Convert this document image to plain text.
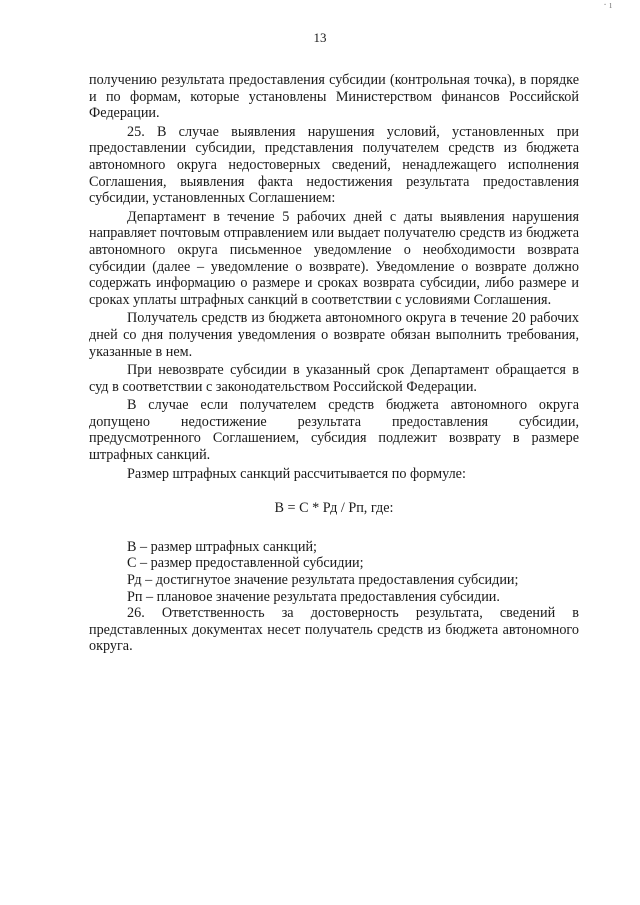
· ı
13

получению результата предоставления субсидии (контрольная точка), в порядке и по формам, которые установлены Министерством финансов Российской Федерации.

25. В случае выявления нарушения условий, установленных при предоставлении субсидии, представления получателем средств из бюджета автономного округа недостоверных сведений, ненадлежащего исполнения Соглашения, выявления факта недостижения результата предоставления субсидии, установленных Соглашением:

Департамент в течение 5 рабочих дней с даты выявления нарушения направляет почтовым отправлением или выдает получателю средств из бюджета автономного округа письменное уведомление о необходимости возврата субсидии (далее – уведомление о возврате). Уведомление о возврате должно содержать информацию о размере и сроках возврата субсидии, либо размере и сроках уплаты штрафных санкций в соответствии с условиями Соглашения.

Получатель средств из бюджета автономного округа в течение 20 рабочих дней со дня получения уведомления о возврате обязан выполнить требования, указанные в нем.

При невозврате субсидии в указанный срок Департамент обращается в суд в соответствии с законодательством Российской Федерации.

В случае если получателем средств бюджета автономного округа допущено недостижение результата предоставления субсидии, предусмотренного Соглашением, субсидия подлежит возврату в размере штрафных санкций.

Размер штрафных санкций рассчитывается по формуле:

В = С * Рд / Рп, где:

В – размер штрафных санкций;

С – размер предоставленной субсидии;

Рд – достигнутое значение результата предоставления субсидии;

Рп – плановое значение результата предоставления субсидии.

26. Ответственность за достоверность результата, сведений в представленных документах несет получатель средств из бюджета автономного округа.
